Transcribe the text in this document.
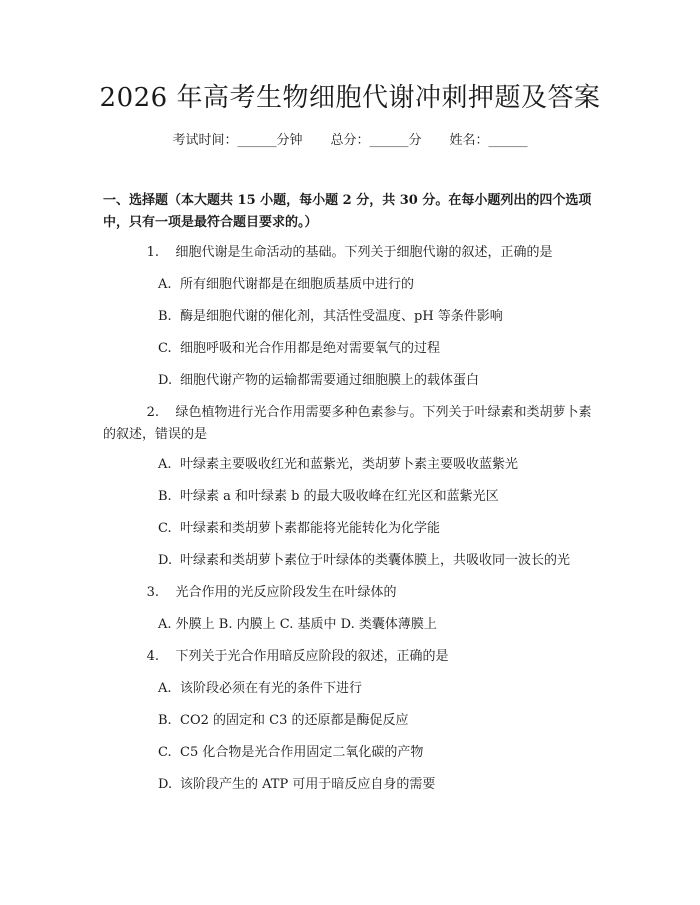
2026 年高考生物细胞代谢冲刺押题及答案
考试时间：______分钟 总分：______分 姓名：______
一、选择题（本大题共 15 小题，每小题 2 分，共 30 分。在每小题列出的四个选项中，只有一项是最符合题目要求的。）
1. 细胞代谢是生命活动的基础。下列关于细胞代谢的叙述，正确的是
A. 所有细胞代谢都是在细胞质基质中进行的
B. 酶是细胞代谢的催化剂，其活性受温度、pH 等条件影响
C. 细胞呼吸和光合作用都是绝对需要氧气的过程
D. 细胞代谢产物的运输都需要通过细胞膜上的载体蛋白
2. 绿色植物进行光合作用需要多种色素参与。下列关于叶绿素和类胡萝卜素的叙述，错误的是
A. 叶绿素主要吸收红光和蓝紫光，类胡萝卜素主要吸收蓝紫光
B. 叶绿素 a 和叶绿素 b 的最大吸收峰在红光区和蓝紫光区
C. 叶绿素和类胡萝卜素都能将光能转化为化学能
D. 叶绿素和类胡萝卜素位于叶绿体的类囊体膜上，共吸收同一波长的光
3. 光合作用的光反应阶段发生在叶绿体的
A. 外膜上 B. 内膜上 C. 基质中 D. 类囊体薄膜上
4. 下列关于光合作用暗反应阶段的叙述，正确的是
A. 该阶段必须在有光的条件下进行
B. CO2 的固定和 C3 的还原都是酶促反应
C. C5 化合物是光合作用固定二氧化碳的产物
D. 该阶段产生的 ATP 可用于暗反应自身的需要
